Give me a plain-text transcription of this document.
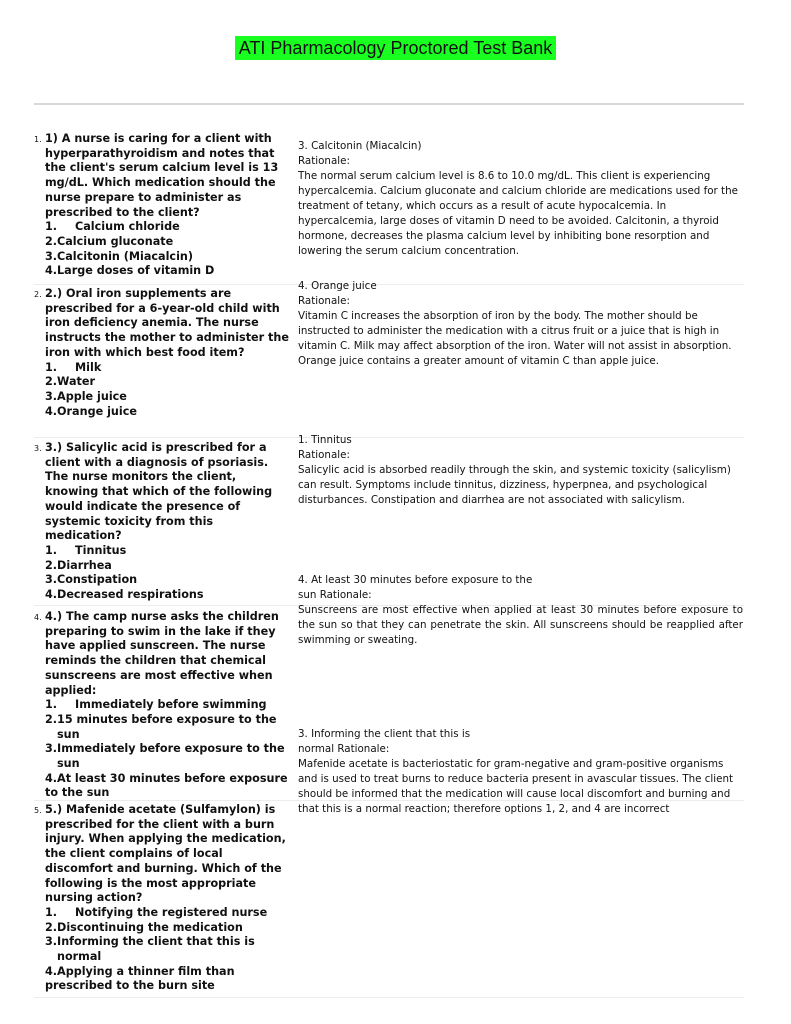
ATI Pharmacology Proctored Test Bank
1. 1) A nurse is caring for a client with hyperparathyroidism and notes that the client's serum calcium level is 13 mg/dL. Which medication should the nurse prepare to administer as prescribed to the client?
1. Calcium chloride
2.Calcium gluconate
3.Calcitonin (Miacalcin)
4.Large doses of vitamin D
3. Calcitonin (Miacalcin)
Rationale:
The normal serum calcium level is 8.6 to 10.0 mg/dL. This client is experiencing hypercalcemia. Calcium gluconate and calcium chloride are medications used for the treatment of tetany, which occurs as a result of acute hypocalcemia. In hypercalcemia, large doses of vitamin D need to be avoided. Calcitonin, a thyroid hormone, decreases the plasma calcium level by inhibiting bone resorption and lowering the serum calcium concentration.
2. 2.) Oral iron supplements are prescribed for a 6-year-old child with iron deficiency anemia. The nurse instructs the mother to administer the iron with which best food item?
1. Milk
2.Water
3.Apple juice
4.Orange juice
4. Orange juice
Rationale:
Vitamin C increases the absorption of iron by the body. The mother should be instructed to administer the medication with a citrus fruit or a juice that is high in vitamin C. Milk may affect absorption of the iron. Water will not assist in absorption. Orange juice contains a greater amount of vitamin C than apple juice.
3. 3.) Salicylic acid is prescribed for a client with a diagnosis of psoriasis. The nurse monitors the client, knowing that which of the following would indicate the presence of systemic toxicity from this medication?
1. Tinnitus
2.Diarrhea
3.Constipation
4.Decreased respirations
1. Tinnitus
Rationale:
Salicylic acid is absorbed readily through the skin, and systemic toxicity (salicylism) can result. Symptoms include tinnitus, dizziness, hyperpnea, and psychological disturbances. Constipation and diarrhea are not associated with salicylism.
4. 4.) The camp nurse asks the children preparing to swim in the lake if they have applied sunscreen. The nurse reminds the children that chemical sunscreens are most effective when applied:
1. Immediately before swimming
2.15 minutes before exposure to the sun
3.Immediately before exposure to the sun
4.At least 30 minutes before exposure to the sun
4. At least 30 minutes before exposure to the
sun Rationale:
Sunscreens are most effective when applied at least 30 minutes before exposure to the sun so that they can penetrate the skin. All sunscreens should be reapplied after swimming or sweating.
5. 5.) Mafenide acetate (Sulfamylon) is prescribed for the client with a burn injury. When applying the medication, the client complains of local discomfort and burning. Which of the following is the most appropriate nursing action?
1. Notifying the registered nurse
2.Discontinuing the medication
3.Informing the client that this is normal
4.Applying a thinner film than prescribed to the burn site
3. Informing the client that this is
normal Rationale:
Mafenide acetate is bacteriostatic for gram-negative and gram-positive organisms and is used to treat burns to reduce bacteria present in avascular tissues. The client should be informed that the medication will cause local discomfort and burning and that this is a normal reaction; therefore options 1, 2, and 4 are incorrect
